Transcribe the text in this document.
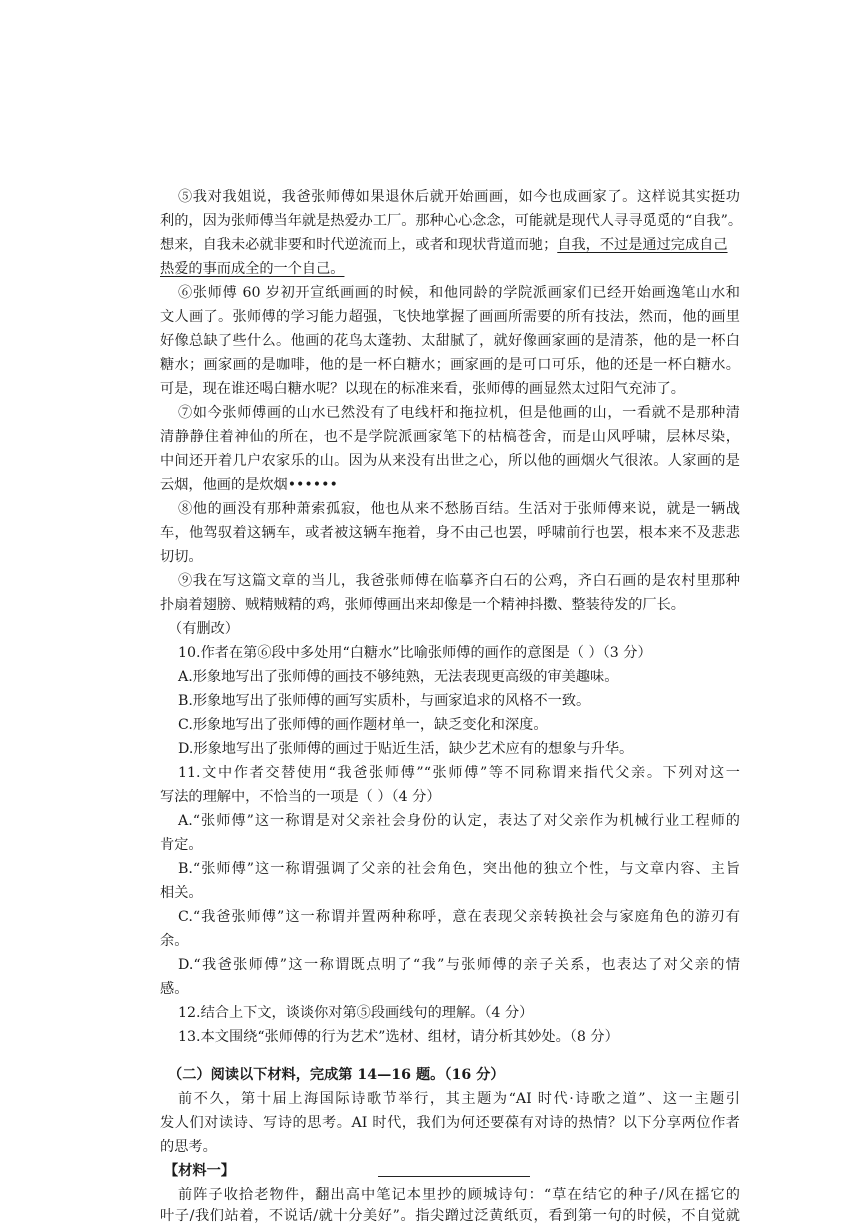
⑤我对我姐说，我爸张师傅如果退休后就开始画画，如今也成画家了。这样说其实挺功
利的，因为张师傅当年就是热爱办工厂。那种心心念念，可能就是现代人寻寻觅觅的“自我”。
想来，自我未必就非要和时代逆流而上，或者和现状背道而驰；自我，不过是通过完成自己
热爱的事而成全的一个自己。
⑥张师傅 60 岁初开宣纸画画的时候，和他同龄的学院派画家们已经开始画逸笔山水和
文人画了。张师傅的学习能力超强，飞快地掌握了画画所需要的所有技法，然而，他的画里
好像总缺了些什么。他画的花鸟太蓬勃、太甜腻了，就好像画家画的是清茶，他的是一杯白
糖水；画家画的是咖啡，他的是一杯白糖水；画家画的是可口可乐，他的还是一杯白糖水。
可是，现在谁还喝白糖水呢？以现在的标准来看，张师傅的画显然太过阳气充沛了。
⑦如今张师傅画的山水已然没有了电线杆和拖拉机，但是他画的山，一看就不是那种清
清静静住着神仙的所在，也不是学院派画家笔下的枯槁苍舍，而是山风呼啸，层林尽染，
中间还开着几户农家乐的山。因为从来没有出世之心，所以他的画烟火气很浓。人家画的是
云烟，他画的是炊烟••••••
⑧他的画没有那种萧索孤寂，他也从来不愁肠百结。生活对于张师傅来说，就是一辆战
车，他驾驭着这辆车，或者被这辆车拖着，身不由己也罢，呼啸前行也罢，根本来不及悲悲
切切。
⑨我在写这篇文章的当儿，我爸张师傅在临摹齐白石的公鸡，齐白石画的是农村里那种
扑扇着翅膀、贼精贼精的鸡，张师傅画出来却像是一个精神抖擞、整装待发的厂长。
（有删改）
10.作者在第⑥段中多处用“白糖水”比喻张师傅的画作的意图是（ ）（3 分）
A.形象地写出了张师傅的画技不够纯熟，无法表现更高级的审美趣味。
B.形象地写出了张师傅的画写实质朴，与画家追求的风格不一致。
C.形象地写出了张师傅的画作题材单一，缺乏变化和深度。
D.形象地写出了张师傅的画过于贴近生活，缺少艺术应有的想象与升华。
11.文中作者交替使用“我爸张师傅”“张师傅”等不同称谓来指代父亲。下列对这一
写法的理解中，不恰当的一项是（ ）（4 分）
A.“张师傅”这一称谓是对父亲社会身份的认定，表达了对父亲作为机械行业工程师的
肯定。
B.“张师傅”这一称谓强调了父亲的社会角色，突出他的独立个性，与文章内容、主旨
相关。
C.“我爸张师傅”这一称谓并置两种称呼，意在表现父亲转换社会与家庭角色的游刃有
余。
D.“我爸张师傅”这一称谓既点明了“我”与张师傅的亲子关系，也表达了对父亲的情
感。
12.结合上下文，谈谈你对第⑤段画线句的理解。（4 分）
13.本文围绕“张师傅的行为艺术”选材、组材，请分析其妙处。（8 分）
（二）阅读以下材料，完成第 14—16 题。（16 分）
前不久，第十届上海国际诗歌节举行，其主题为“AI 时代·诗歌之道”、这一主题引
发人们对读诗、写诗的思考。AI 时代，我们为何还要葆有对诗的热情？以下分享两位作者
的思考。
【材料一】
前阵子收拾老物件，翻出高中笔记本里抄的顾城诗句：“草在结它的种子/风在摇它的
叶子/我们站着，不说话/就十分美好”。指尖蹭过泛黄纸页，看到第一句的时候，不自觉就
